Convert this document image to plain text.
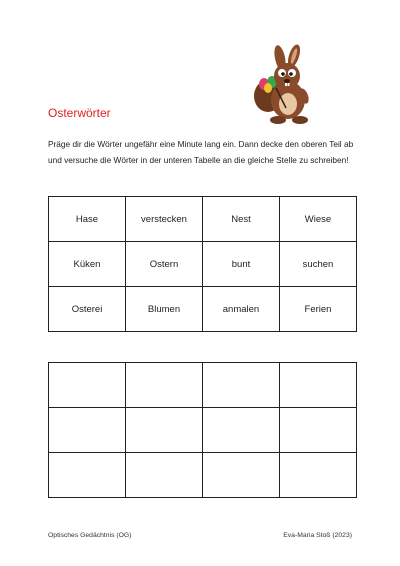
Osterwörter
Präge dir die Wörter ungefähr eine Minute lang ein. Dann decke den oberen Teil ab und versuche die Wörter in der unteren Tabelle an die gleiche Stelle zu schreiben!
Hase	verstecken	Nest	Wiese
Küken	Ostern	bunt	suchen
Osterei	Blumen	anmalen	Ferien

Optisches Gedächtnis (OG)	Eva-Maria Stoß (2023)
